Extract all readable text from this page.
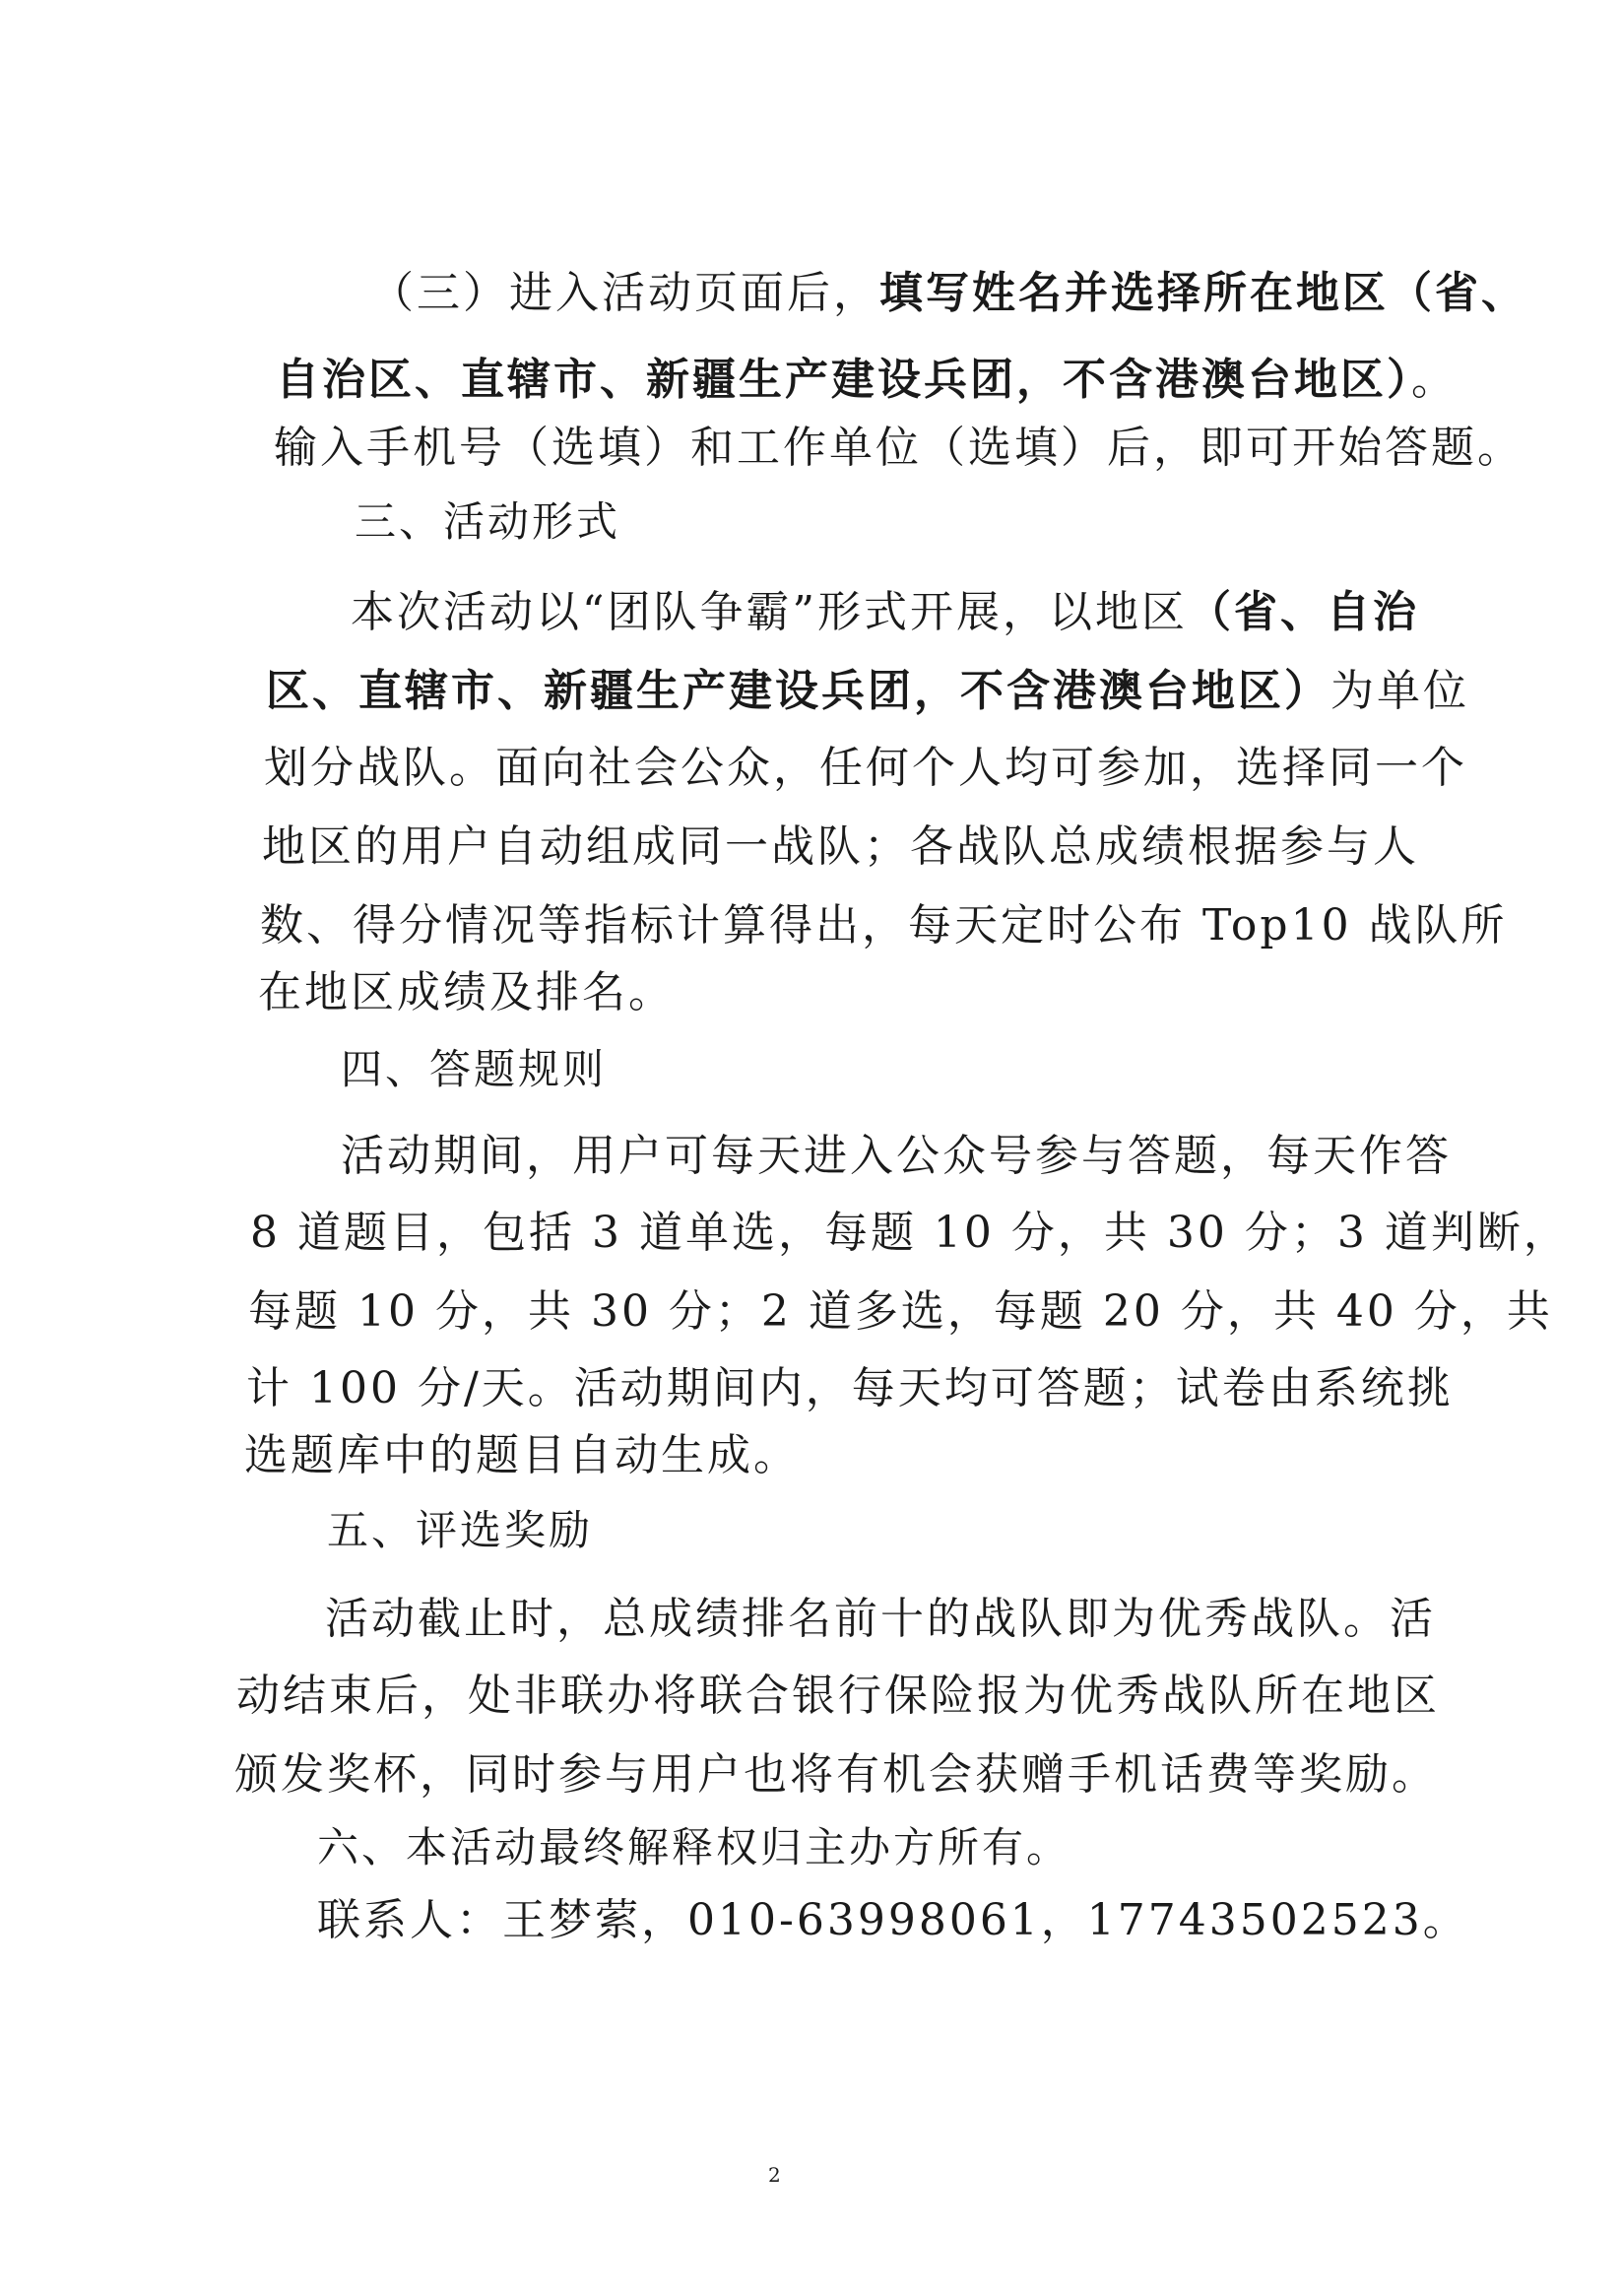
（三）进入活动页面后，填写姓名并选择所在地区（省、
自治区、直辖市、新疆生产建设兵团，不含港澳台地区）。
输入手机号（选填）和工作单位（选填）后，即可开始答题。
三、活动形式
本次活动以“团队争霸”形式开展，以地区（省、自治
区、直辖市、新疆生产建设兵团，不含港澳台地区）为单位
划分战队。面向社会公众，任何个人均可参加，选择同一个
地区的用户自动组成同一战队；各战队总成绩根据参与人
数、得分情况等指标计算得出，每天定时公布 Top10 战队所
在地区成绩及排名。
四、答题规则
活动期间，用户可每天进入公众号参与答题，每天作答
8 道题目，包括 3 道单选，每题 10 分，共 30 分；3 道判断，
每题 10 分，共 30 分；2 道多选，每题 20 分，共 40 分，共
计 100 分/天。活动期间内，每天均可答题；试卷由系统挑
选题库中的题目自动生成。
五、评选奖励
活动截止时，总成绩排名前十的战队即为优秀战队。活
动结束后，处非联办将联合银行保险报为优秀战队所在地区
颁发奖杯，同时参与用户也将有机会获赠手机话费等奖励。
六、本活动最终解释权归主办方所有。
联系人：王梦萦，010-63998061，17743502523。
2
